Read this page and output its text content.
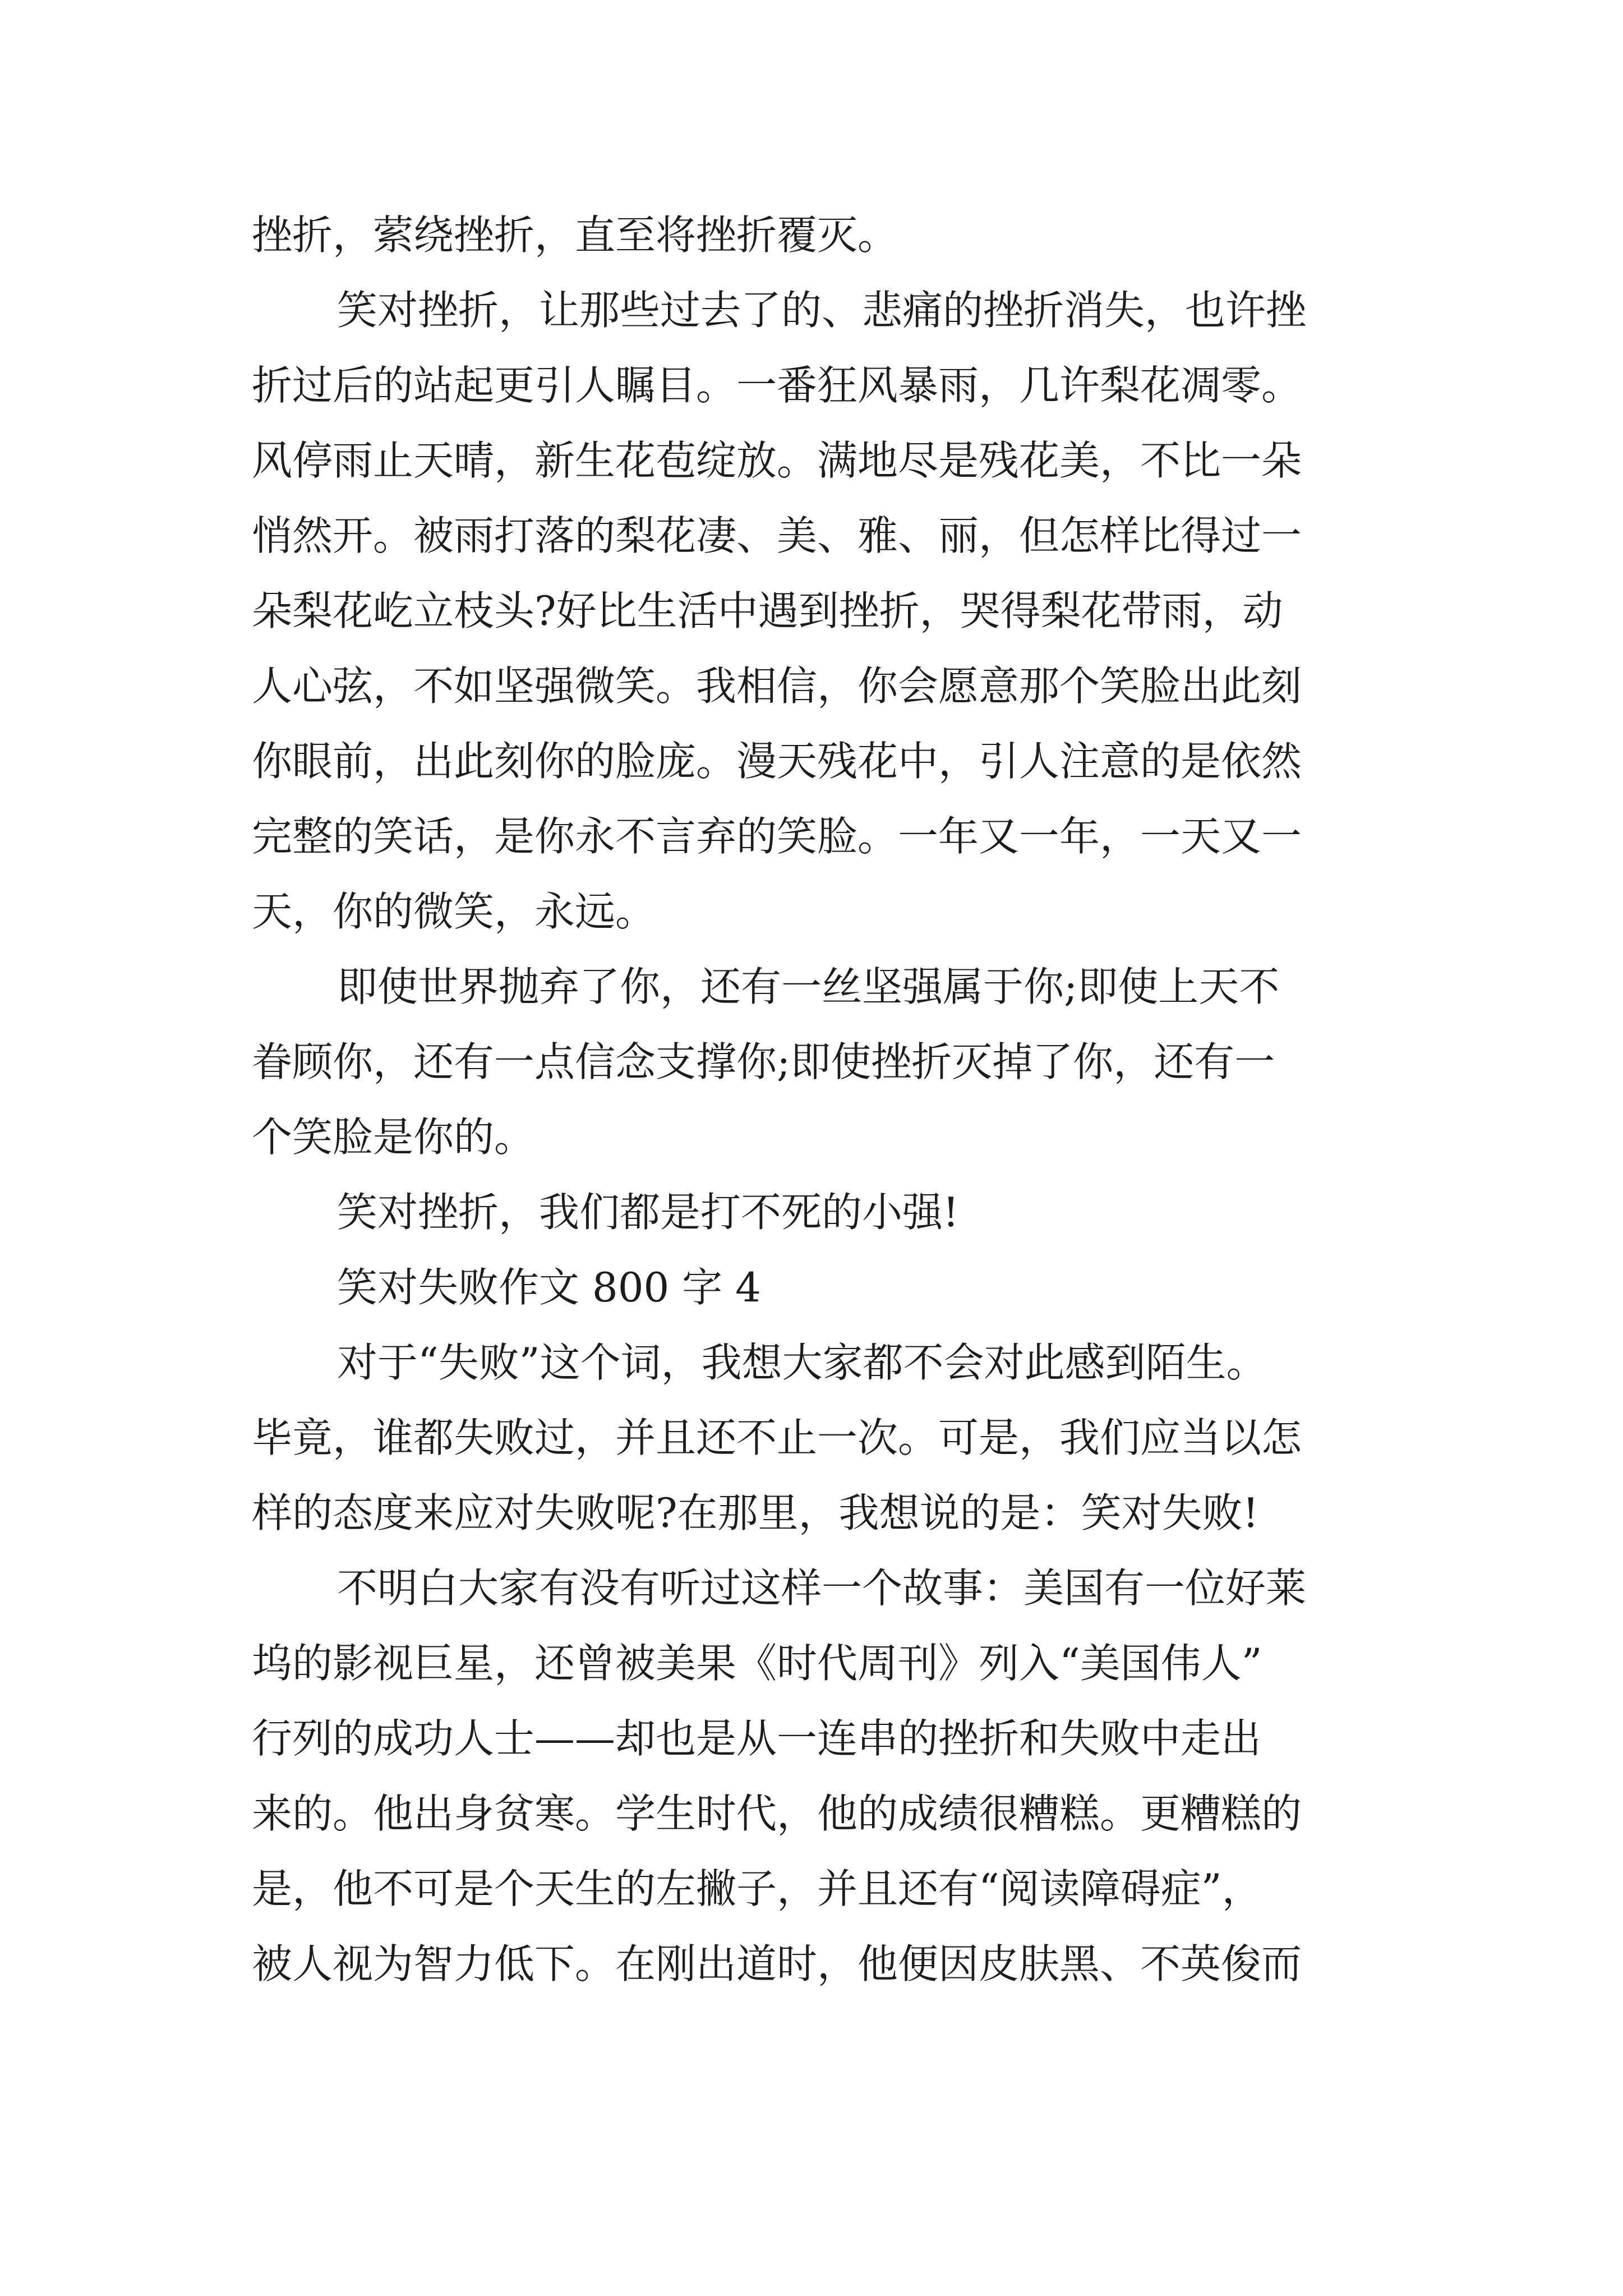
挫折，萦绕挫折，直至将挫折覆灭。
笑对挫折，让那些过去了的、悲痛的挫折消失，也许挫
折过后的站起更引人瞩目。一番狂风暴雨，几许梨花凋零。
风停雨止天晴，新生花苞绽放。满地尽是残花美，不比一朵
悄然开。被雨打落的梨花凄、美、雅、丽，但怎样比得过一
朵梨花屹立枝头?好比生活中遇到挫折，哭得梨花带雨，动
人心弦，不如坚强微笑。我相信，你会愿意那个笑脸出此刻
你眼前，出此刻你的脸庞。漫天残花中，引人注意的是依然
完整的笑话，是你永不言弃的笑脸。一年又一年，一天又一
天，你的微笑，永远。
即使世界抛弃了你，还有一丝坚强属于你;即使上天不
眷顾你，还有一点信念支撑你;即使挫折灭掉了你，还有一
个笑脸是你的。
笑对挫折，我们都是打不死的小强!
笑对失败作文 800 字 4
对于“失败”这个词，我想大家都不会对此感到陌生。
毕竟，谁都失败过，并且还不止一次。可是，我们应当以怎
样的态度来应对失败呢?在那里，我想说的是：笑对失败!
不明白大家有没有听过这样一个故事：美国有一位好莱
坞的影视巨星，还曾被美果《时代周刊》列入“美国伟人”
行列的成功人士——却也是从一连串的挫折和失败中走出
来的。他出身贫寒。学生时代，他的成绩很糟糕。更糟糕的
是，他不可是个天生的左撇子，并且还有“阅读障碍症”，
被人视为智力低下。在刚出道时，他便因皮肤黑、不英俊而
